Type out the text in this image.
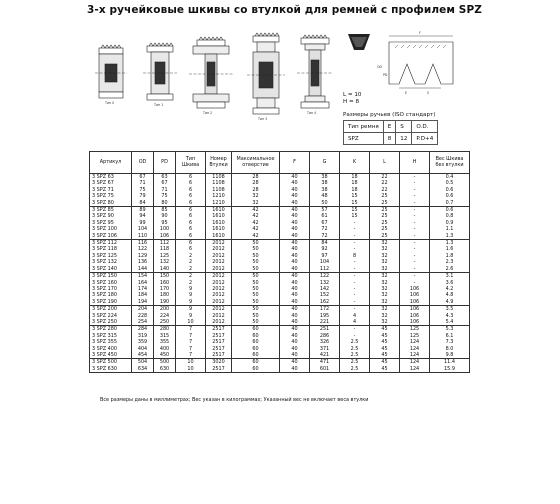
3-х ручейковые шкивы со втулкой для ремней с профилем SPZ
Тип 0	Тип 1
Тип 2
Тип 3
Тип 4
F
E	S
OD
PD
L = 10
H = 8
Размеры ручьев (ISO стандарт)
Тип ремня	E	S	O.D.
SPZ	8	12	P.D+4
Артикул	OD	PD	Тип Шкива	Номер Втулки	Максимальное отверстие	F	G	K	L	H	Вес Шкива без втулки
3 SPZ 63	67	63	6	1108	28	40	38	18	22	-	0.4
3 SPZ 67	71	67	6	1108	28	40	38	18	22	-	0.5
3 SPZ 71	75	71	6	1108	28	40	38	18	22	-	0.6
3 SPZ 75	79	75	6	1210	32	40	48	15	25	-	0.6
3 SPZ 80	84	80	6	1210	32	40	50	15	25	-	0.7
3 SPZ 85	89	85	6	1610	42	40	57	15	25	-	0.6
3 SPZ 90	94	90	6	1610	42	40	61	15	25	-	0.8
3 SPZ 95	99	95	6	1610	42	40	67	-	25	-	0.9
3 SPZ 100	104	100	6	1610	42	40	72	-	25	-	1.1
3 SPZ 106	110	106	6	1610	42	40	72	-	25	-	1.3
3 SPZ 112	116	112	6	2012	50	40	84	-	32	-	1.3
3 SPZ 118	122	118	6	2012	50	40	92	-	32	-	1.6
3 SPZ 125	129	125	2	2012	50	40	97	8	32	-	1.8
3 SPZ 132	136	132	2	2012	50	40	104	-	32	-	2.3
3 SPZ 140	144	140	2	2012	50	40	112	-	32	-	2.6
3 SPZ 150	154	150	2	2012	50	40	122	-	32	-	3.1
3 SPZ 160	164	160	2	2012	50	40	132	-	32	-	3.6
3 SPZ 170	174	170	9	2012	50	40	142	-	32	106	4.2
3 SPZ 180	184	180	9	2012	50	40	152	-	32	106	4.8
3 SPZ 190	194	190	9	2012	50	40	162	-	32	106	4.9
3 SPZ 200	204	200	9	2012	50	40	172	-	32	106	3.5
3 SPZ 224	228	224	9	2012	50	40	195	4	32	106	4.3
3 SPZ 250	254	250	10	2012	50	40	221	4	32	106	5.4
3 SPZ 280	284	280	7	2517	60	40	251	-	45	125	5.3
3 SPZ 315	319	315	7	2517	60	40	286	-	45	125	6.1
3 SPZ 355	359	355	7	2517	60	40	326	2.5	45	124	7.3
3 SPZ 400	404	400	7	2517	60	40	371	2.5	45	124	8.0
3 SPZ 450	454	450	7	2517	60	40	421	2.5	45	124	9.8
3 SPZ 500	504	500	10	3020	60	40	471	2.5	45	124	11.4
3 SPZ 630	634	630	10	2517	60	40	601	2.5	45	124	15.9
Все размеры даны в миллиметрах; Вес указан в килограммах; Указанный вес не включает веса втулки
